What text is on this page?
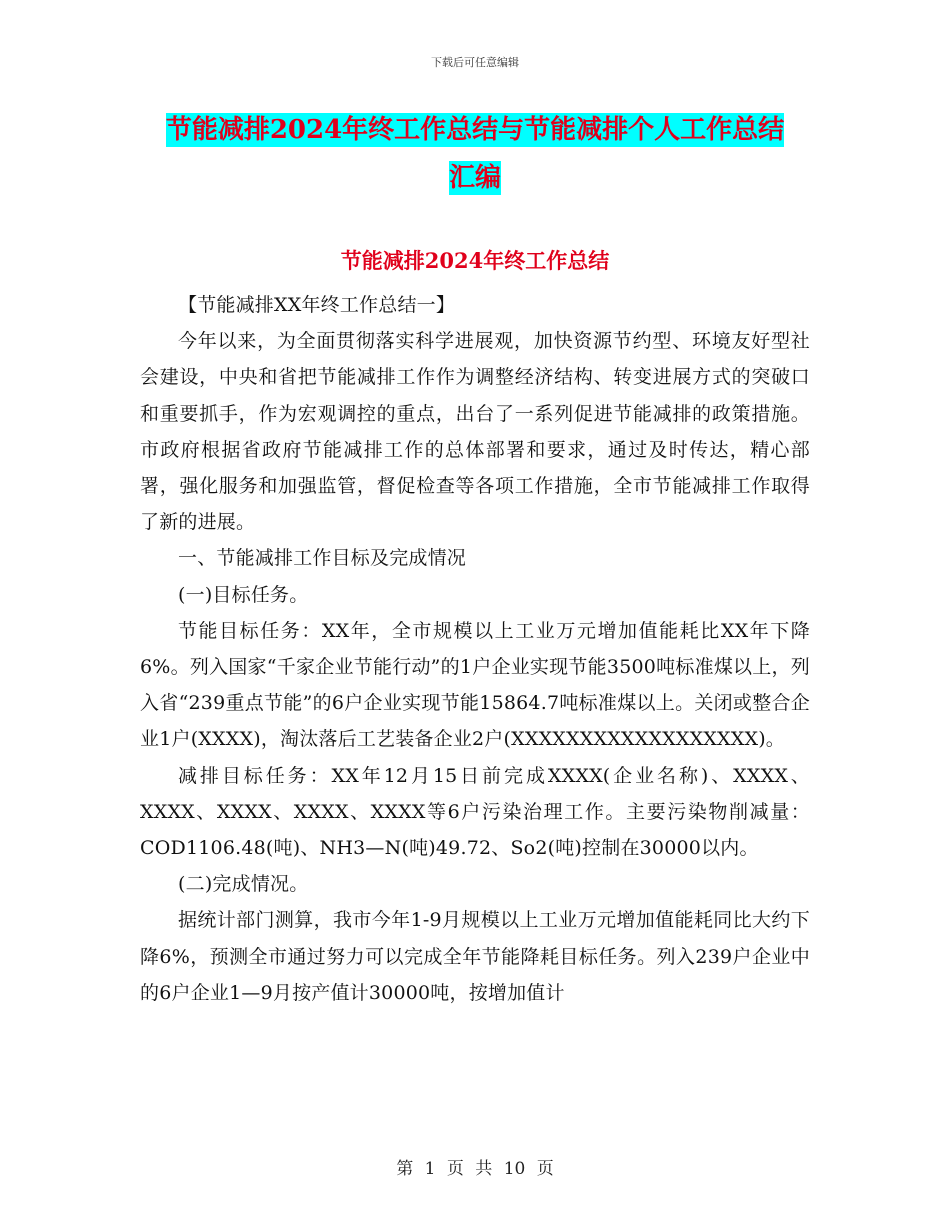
下载后可任意编辑
节能减排2024年终工作总结与节能减排个人工作总结
汇编
节能减排2024年终工作总结

【节能减排XX年终工作总结一】

今年以来，为全面贯彻落实科学进展观，加快资源节约型、环境友好型社会建设，中央和省把节能减排工作作为调整经济结构、转变进展方式的突破口和重要抓手，作为宏观调控的重点，出台了一系列促进节能减排的政策措施。市政府根据省政府节能减排工作的总体部署和要求，通过及时传达，精心部署，强化服务和加强监管，督促检查等各项工作措施，全市节能减排工作取得了新的进展。

一、节能减排工作目标及完成情况

(一)目标任务。

节能目标任务：XX年，全市规模以上工业万元增加值能耗比XX年下降6%。列入国家“千家企业节能行动”的1户企业实现节能3500吨标准煤以上，列入省“239重点节能”的6户企业实现节能15864.7吨标准煤以上。关闭或整合企业1户(XXXX)，淘汰落后工艺装备企业2户(XXXXXXXXXXXXXXXXXX)。

减排目标任务：XX年12月15日前完成XXXX(企业名称)、XXXX、XXXX、XXXX、XXXX、XXXX等6户污染治理工作。主要污染物削减量：COD1106.48(吨)、NH3—N(吨)49.72、So2(吨)控制在30000以内。

(二)完成情况。

据统计部门测算，我市今年1-9月规模以上工业万元增加值能耗同比大约下降6%，预测全市通过努力可以完成全年节能降耗目标任务。列入239户企业中的6户企业1—9月按产值计30000吨，按增加值计

第 1 页 共 10 页
